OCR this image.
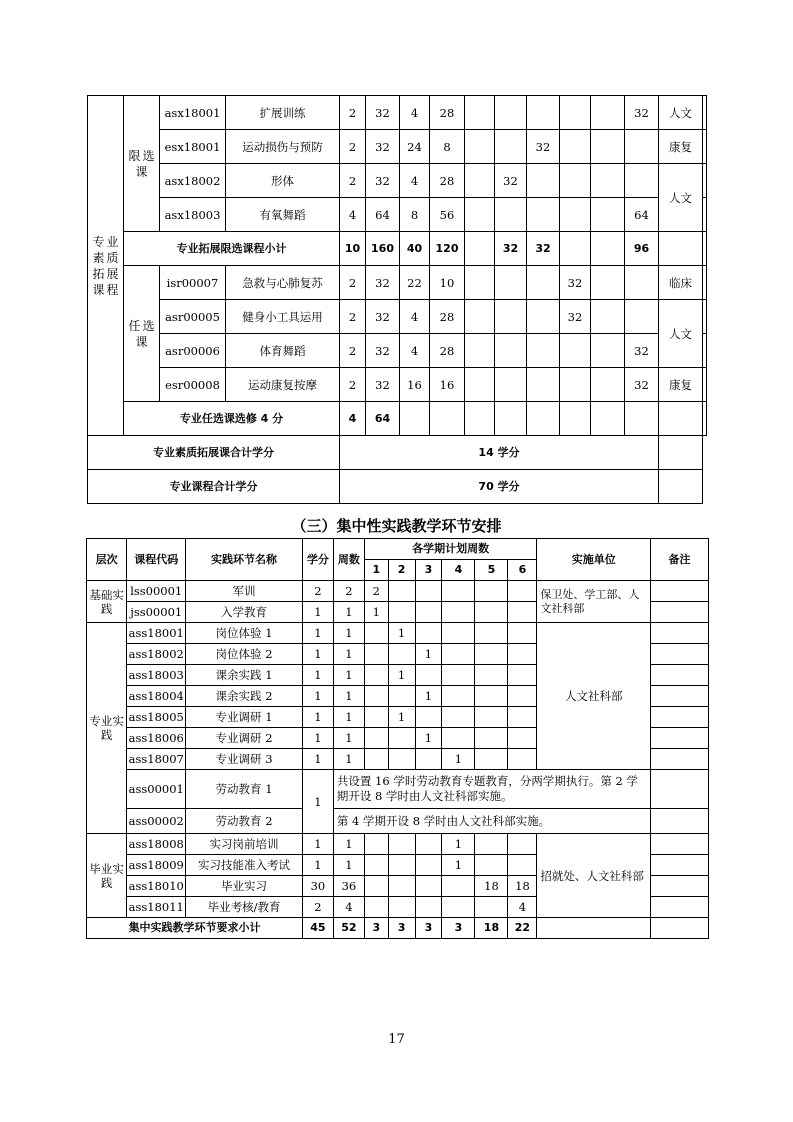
专 业素 质拓 展课 程	限 选课	asx18001	扩展训练	2	32	4	28						32	人文	
		esx18001	运动损伤与预防	2	32	24	8			32				康复	
		asx18002	形体	2	32	4	28		32					人文	
		asx18003	有氧舞蹈	4	64	8	56						64		
	专业拓展限选课程小计			10	160	40	120		32	32			96		
	任 选课	isr00007	急救与心肺复苏	2	32	22	10				32			临床	
		asr00005	健身小工具运用	2	32	4	28				32			人文	
		asr00006	体育舞蹈	2	32	4	28						32		
		esr00008	运动康复按摩	2	32	16	16						32	康复	
	专业任选课选修 4 分			4	64										
专业素质拓展课合计学分				14 学分											
专业课程合计学分				70 学分											
（三）集中性实践教学环节安排
层次	课程代码	实践环节名称	学分	周数	各学期计划周数						实施单位	备注
					1	2	3	4	5	6		
基础实践	lss00001	军训	2	2	2						保卫处、学工部、人文社科部	
	jss00001	入学教育	1	1	1							
专业实践	ass18001	岗位体验 1	1	1		1					人文社科部	
	ass18002	岗位体验 2	1	1			1					
	ass18003	课余实践 1	1	1		1						
	ass18004	课余实践 2	1	1			1					
	ass18005	专业调研 1	1	1		1						
	ass18006	专业调研 2	1	1			1					
	ass18007	专业调研 3	1	1				1				
	ass00001	劳动教育 1	1	共设置 16 学时劳动教育专题教育，分两学期执行。第 2 学期开设 8 学时由人文社科部实施。								
	ass00002	劳动教育 2		第 4 学期开设 8 学时由人文社科部实施。								
毕业实践	ass18008	实习岗前培训	1	1				1			招就处、人文社科部	
	ass18009	实习技能准入考试	1	1				1				
	ass18010	毕业实习	30	36					18	18		
	ass18011	毕业考核/教育	2	4						4		
集中实践教学环节要求小计			45	52	3	3	3	3	18	22		
17
